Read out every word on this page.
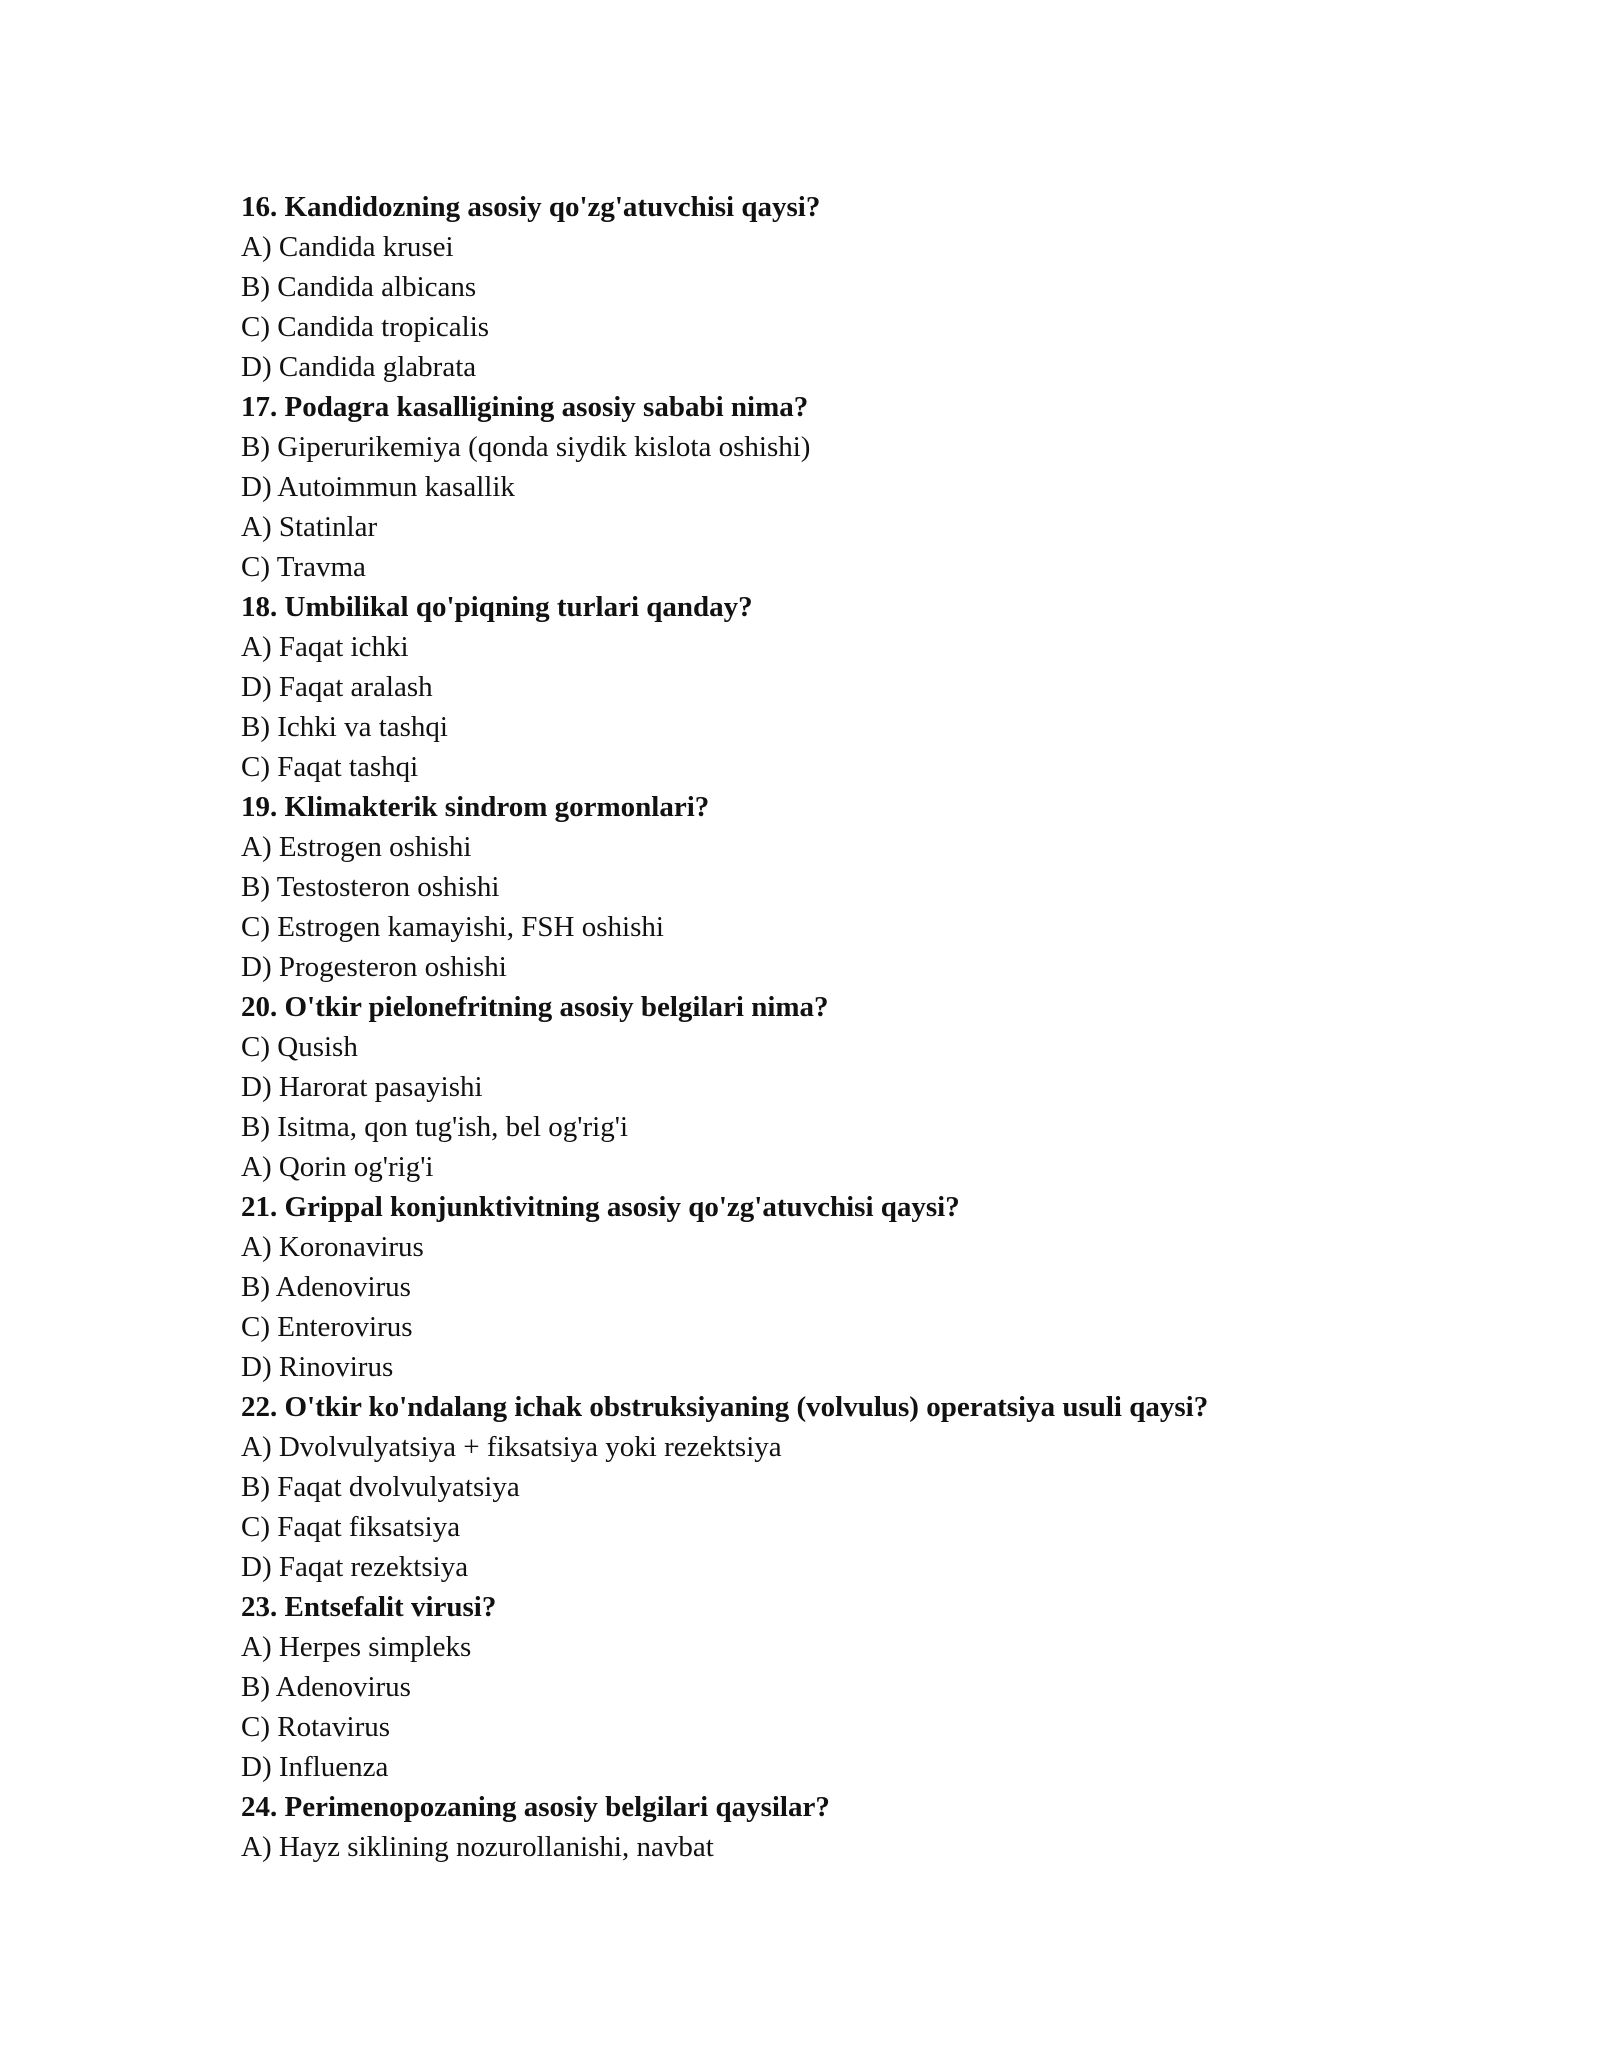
16. Kandidozning asosiy qo'zg'atuvchisi qaysi?
A) Candida krusei
B) Candida albicans
C) Candida tropicalis
D) Candida glabrata
17. Podagra kasalligining asosiy sababi nima?
B) Giperurikemiya (qonda siydik kislota oshishi)
D) Autoimmun kasallik
A) Statinlar
C) Travma
18. Umbilikal qo'piqning turlari qanday?
A) Faqat ichki
D) Faqat aralash
B) Ichki va tashqi
C) Faqat tashqi
19. Klimakterik sindrom gormonlari?
A) Estrogen oshishi
B) Testosteron oshishi
C) Estrogen kamayishi, FSH oshishi
D) Progesteron oshishi
20. O'tkir pielonefritning asosiy belgilari nima?
C) Qusish
D) Harorat pasayishi
B) Isitma, qon tug'ish, bel og'rig'i
A) Qorin og'rig'i
21. Grippal konjunktivitning asosiy qo'zg'atuvchisi qaysi?
A) Koronavirus
B) Adenovirus
C) Enterovirus
D) Rinovirus
22. O'tkir ko'ndalang ichak obstruksiyaning (volvulus) operatsiya usuli qaysi?
A) Dvolvulyatsiya + fiksatsiya yoki rezektsiya
B) Faqat dvolvulyatsiya
C) Faqat fiksatsiya
D) Faqat rezektsiya
23. Entsefalit virusi?
A) Herpes simpleks
B) Adenovirus
C) Rotavirus
D) Influenza
24. Perimenopozaning asosiy belgilari qaysilar?
A) Hayz siklining nozurollanishi, navbat
